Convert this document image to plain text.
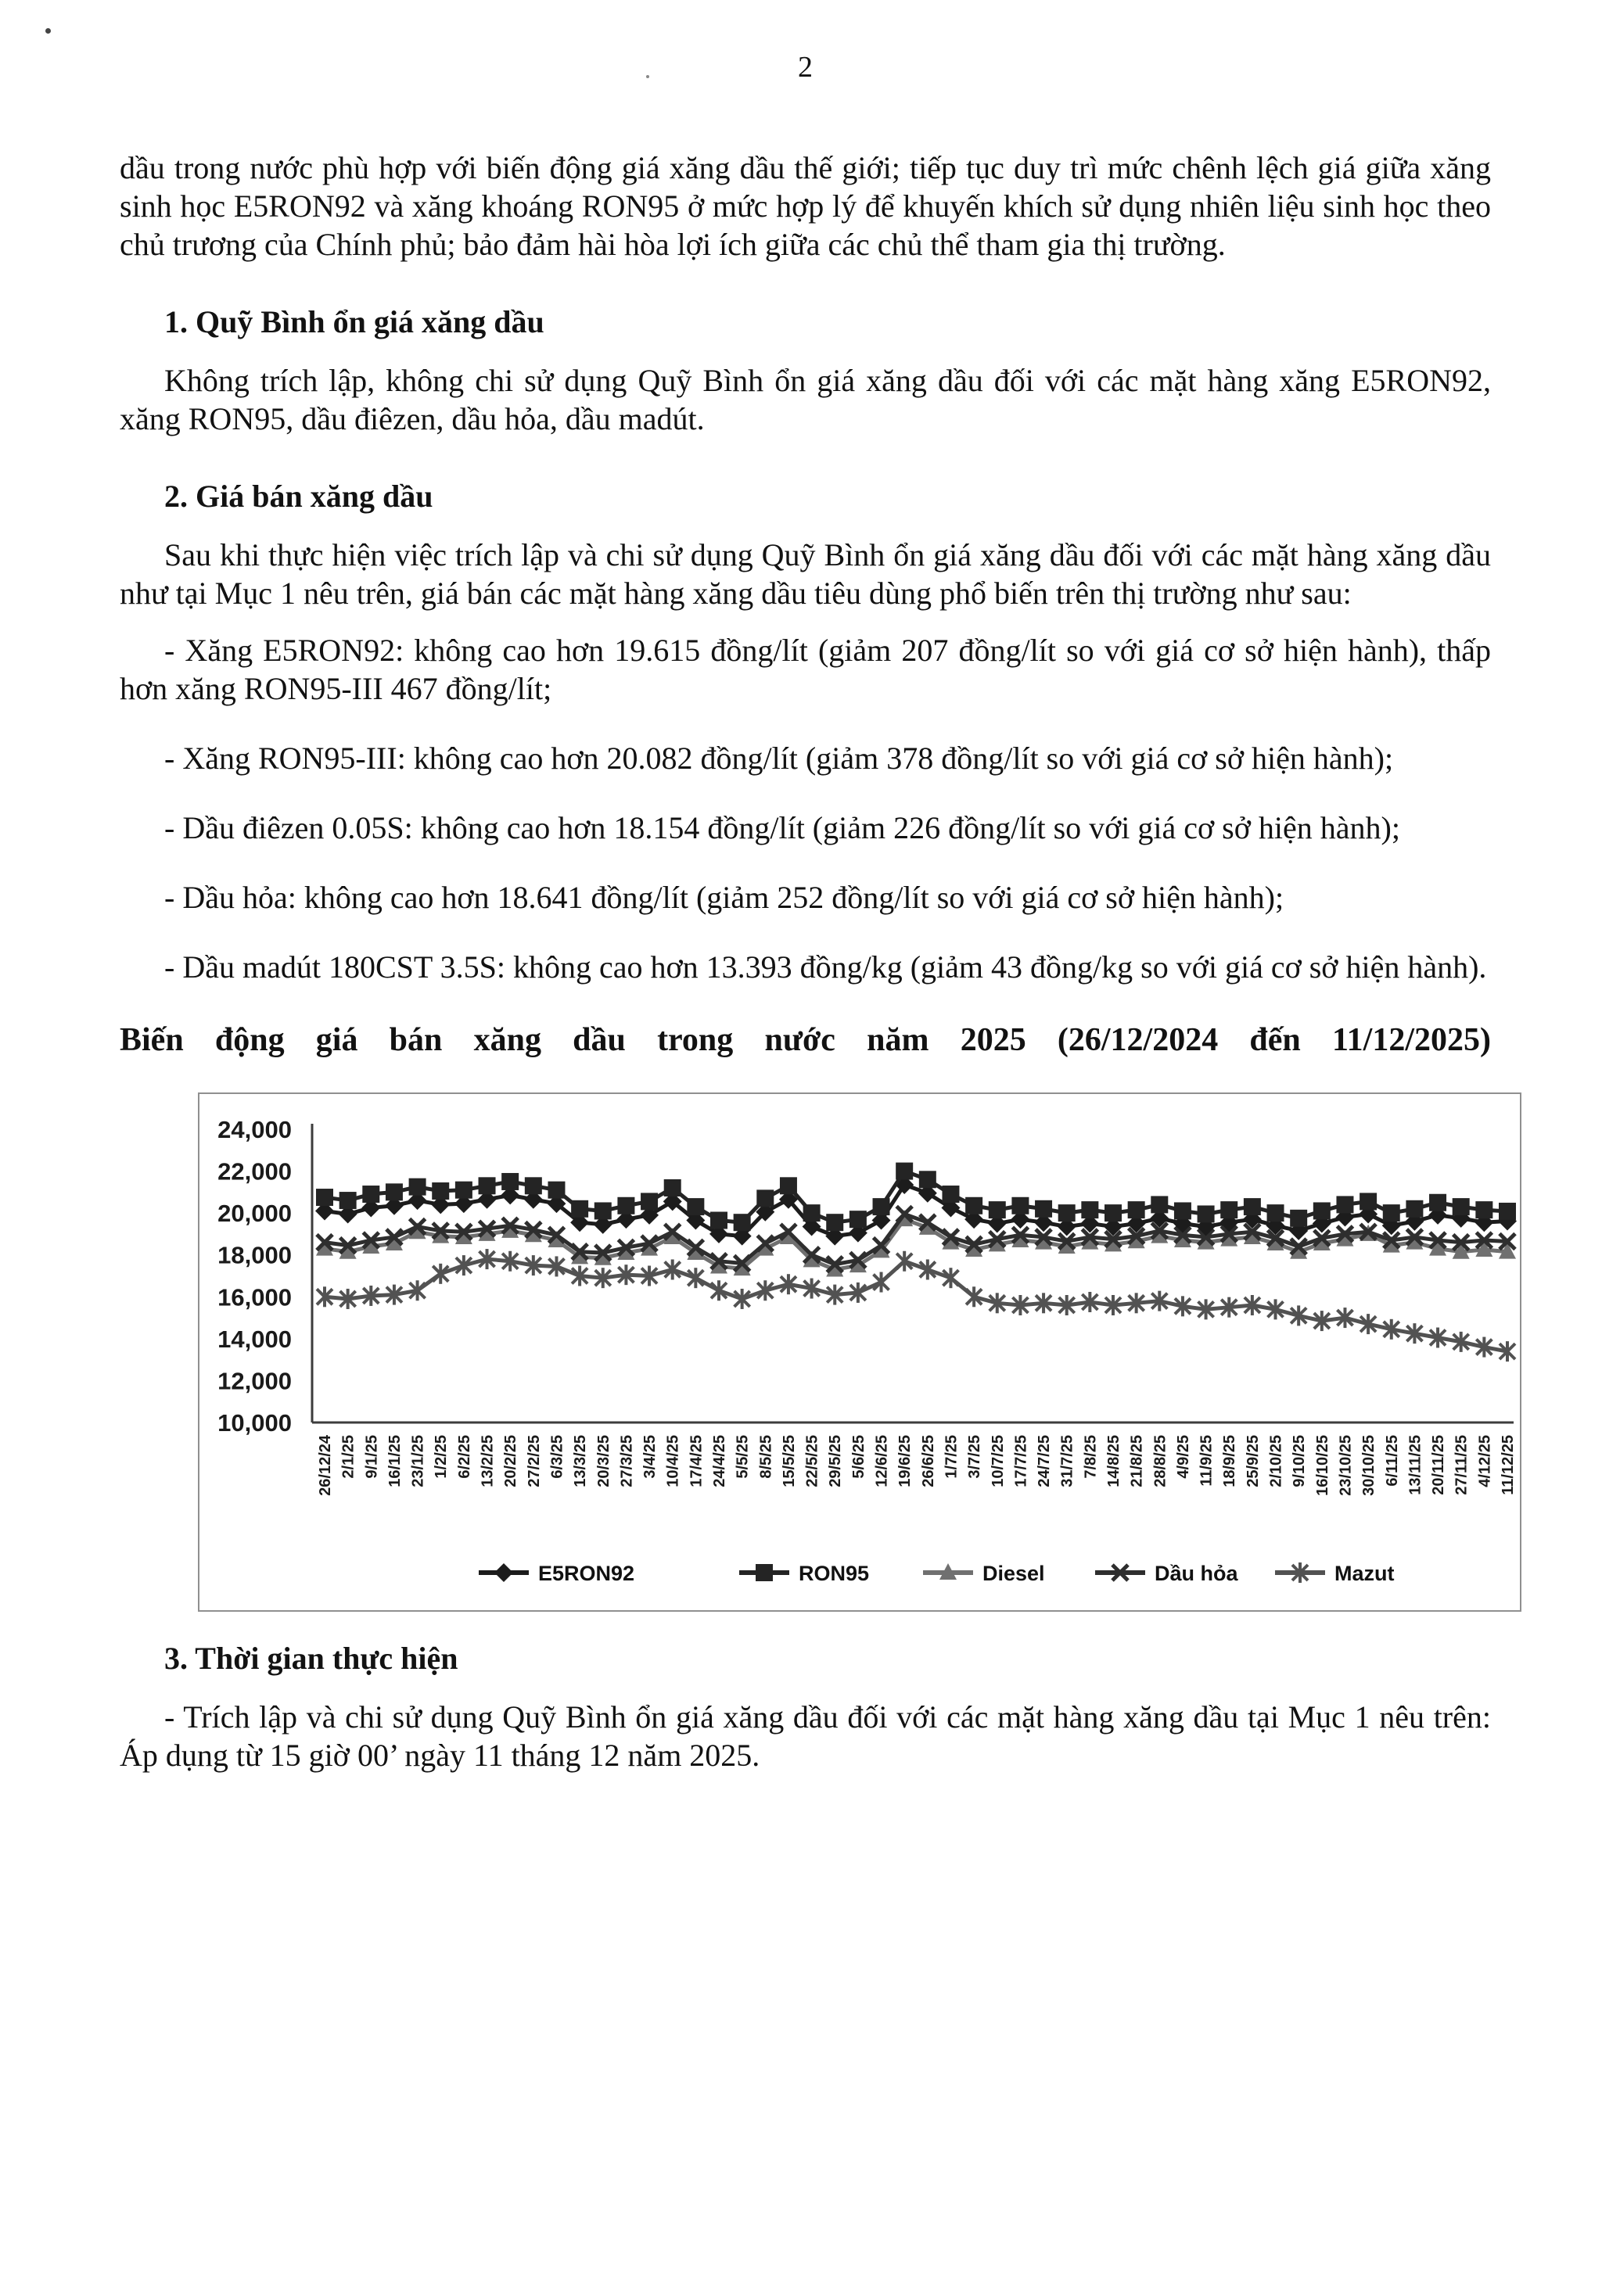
2

dầu trong nước phù hợp với biến động giá xăng dầu thế giới; tiếp tục duy trì mức chênh lệch giá giữa xăng sinh học E5RON92 và xăng khoáng RON95 ở mức hợp lý để khuyến khích sử dụng nhiên liệu sinh học theo chủ trương của Chính phủ; bảo đảm hài hòa lợi ích giữa các chủ thể tham gia thị trường.

1. Quỹ Bình ổn giá xăng dầu

Không trích lập, không chi sử dụng Quỹ Bình ổn giá xăng dầu đối với các mặt hàng xăng E5RON92, xăng RON95, dầu điêzen, dầu hỏa, dầu madút.

2. Giá bán xăng dầu

Sau khi thực hiện việc trích lập và chi sử dụng Quỹ Bình ổn giá xăng dầu đối với các mặt hàng xăng dầu như tại Mục 1 nêu trên, giá bán các mặt hàng xăng dầu tiêu dùng phổ biến trên thị trường như sau:

- Xăng E5RON92: không cao hơn 19.615 đồng/lít (giảm 207 đồng/lít so với giá cơ sở hiện hành), thấp hơn xăng RON95-III 467 đồng/lít;

- Xăng RON95-III: không cao hơn 20.082 đồng/lít (giảm 378 đồng/lít so với giá cơ sở hiện hành);

- Dầu điêzen 0.05S: không cao hơn 18.154 đồng/lít (giảm 226 đồng/lít so với giá cơ sở hiện hành);

- Dầu hỏa: không cao hơn 18.641 đồng/lít (giảm 252 đồng/lít so với giá cơ sở hiện hành);

- Dầu madút 180CST 3.5S: không cao hơn 13.393 đồng/kg (giảm 43 đồng/kg so với giá cơ sở hiện hành).

Biến động giá bán xăng dầu trong nước năm 2025 (26/12/2024 đến 11/12/2025)

10,000
12,000
14,000
16,000
18,000
20,000
22,000
24,000
26/12/24 2/1/25 9/1/25 16/1/25 23/1/25 1/2/25 6/2/25 13/2/25 20/2/25 27/2/25 6/3/25 13/3/25 20/3/25 27/3/25 3/4/25 10/4/25 17/4/25 24/4/25 5/5/25 8/5/25 15/5/25 22/5/25 29/5/25 5/6/25 12/6/25 19/6/25 26/6/25 1/7/25 3/7/25 10/7/25 17/7/25 24/7/25 31/7/25 7/8/25 14/8/25 21/8/25 28/8/25 4/9/25 11/9/25 18/9/25 25/9/25 2/10/25 9/10/25 16/10/25 23/10/25 30/10/25 6/11/25 13/11/25 20/11/25 27/11/25 4/12/25 11/12/25
E5RON92	RON95	Diesel	Dầu hỏa	Mazut

3. Thời gian thực hiện

- Trích lập và chi sử dụng Quỹ Bình ổn giá xăng dầu đối với các mặt hàng xăng dầu tại Mục 1 nêu trên: Áp dụng từ 15 giờ 00’ ngày 11 tháng 12 năm 2025.
